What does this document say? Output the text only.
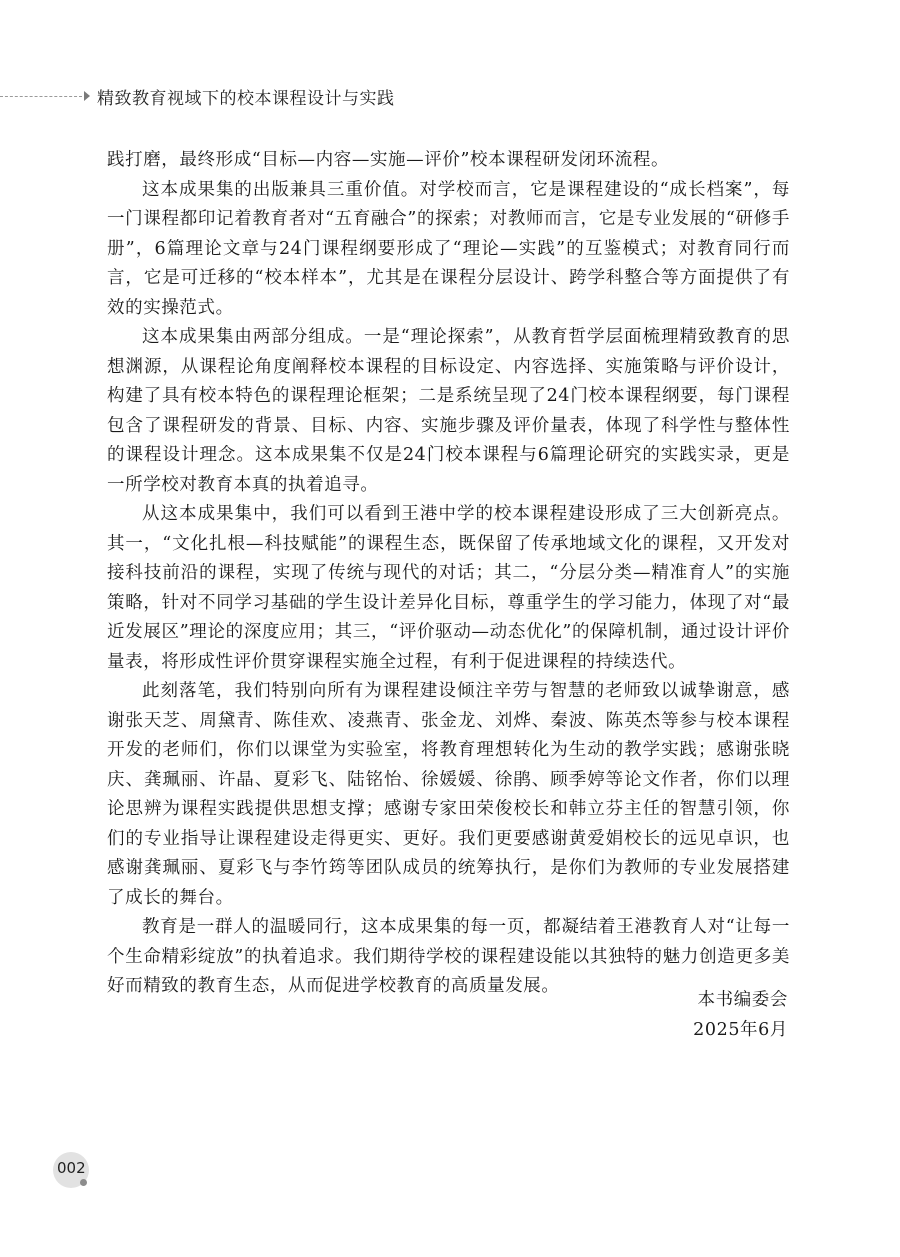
精致教育视域下的校本课程设计与实践

践打磨，最终形成“目标—内容—实施—评价”校本课程研发闭环流程。

这本成果集的出版兼具三重价值。对学校而言，它是课程建设的“成长档案”，每一门课程都印记着教育者对“五育融合”的探索；对教师而言，它是专业发展的“研修手册”，6篇理论文章与24门课程纲要形成了“理论—实践”的互鉴模式；对教育同行而言，它是可迁移的“校本样本”，尤其是在课程分层设计、跨学科整合等方面提供了有效的实操范式。

这本成果集由两部分组成。一是“理论探索”，从教育哲学层面梳理精致教育的思想渊源，从课程论角度阐释校本课程的目标设定、内容选择、实施策略与评价设计，构建了具有校本特色的课程理论框架；二是系统呈现了24门校本课程纲要，每门课程包含了课程研发的背景、目标、内容、实施步骤及评价量表，体现了科学性与整体性的课程设计理念。这本成果集不仅是24门校本课程与6篇理论研究的实践实录，更是一所学校对教育本真的执着追寻。

从这本成果集中，我们可以看到王港中学的校本课程建设形成了三大创新亮点。其一，“文化扎根—科技赋能”的课程生态，既保留了传承地域文化的课程，又开发对接科技前沿的课程，实现了传统与现代的对话；其二，“分层分类—精准育人”的实施策略，针对不同学习基础的学生设计差异化目标，尊重学生的学习能力，体现了对“最近发展区”理论的深度应用；其三，“评价驱动—动态优化”的保障机制，通过设计评价量表，将形成性评价贯穿课程实施全过程，有利于促进课程的持续迭代。

此刻落笔，我们特别向所有为课程建设倾注辛劳与智慧的老师致以诚挚谢意，感谢张天芝、周黛青、陈佳欢、凌燕青、张金龙、刘烨、秦波、陈英杰等参与校本课程开发的老师们，你们以课堂为实验室，将教育理想转化为生动的教学实践；感谢张晓庆、龚珮丽、许晶、夏彩飞、陆铭怡、徐媛媛、徐鹃、顾季婷等论文作者，你们以理论思辨为课程实践提供思想支撑；感谢专家田荣俊校长和韩立芬主任的智慧引领，你们的专业指导让课程建设走得更实、更好。我们更要感谢黄爱娟校长的远见卓识，也感谢龚珮丽、夏彩飞与李竹筠等团队成员的统筹执行，是你们为教师的专业发展搭建了成长的舞台。

教育是一群人的温暖同行，这本成果集的每一页，都凝结着王港教育人对“让每一个生命精彩绽放”的执着追求。我们期待学校的课程建设能以其独特的魅力创造更多美好而精致的教育生态，从而促进学校教育的高质量发展。

本书编委会
2025年6月
002
